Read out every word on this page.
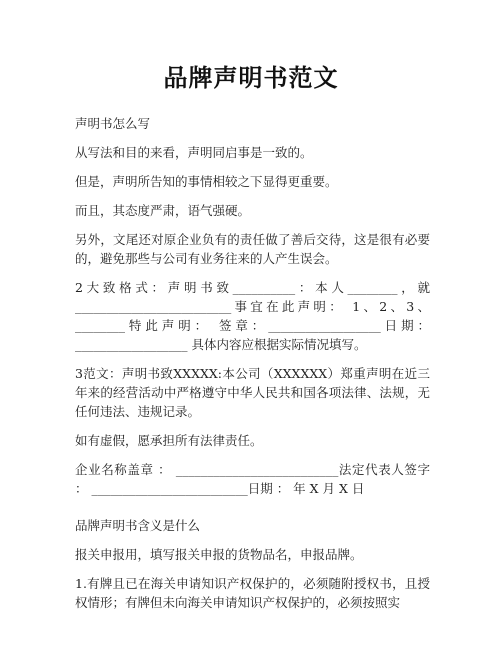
品牌声明书范文

声明书怎么写

从写法和目的来看，声明同启事是一致的。

但是，声明所告知的事情相较之下显得更重要。

而且，其态度严肃，语气强硬。

另外，文尾还对原企业负有的责任做了善后交待，这是很有必要的，避免那些与公司有业务往来的人产生误会。

2大致格式：声明书致__________：本人________，就_________________________事宜在此声明： 1、2、3、________特此声明： 签章：__________________日期：__________________ 具体内容应根据实际情况填写。

3范文：声明书致XXXXX:本公司（XXXXXX）郑重声明在近三年来的经营活动中严格遵守中华人民共和国各项法律、法规，无任何违法、违规记录。

如有虚假，愿承担所有法律责任。

企业名称盖章 ： __________________________法定代表人签字 ： _________________________日期 ： 年 X 月 X 日

品牌声明书含义是什么

报关申报用，填写报关申报的货物品名，申报品牌。

1.有牌且已在海关申请知识产权保护的，必须随附授权书，且授权情形；有牌但未向海关申请知识产权保护的，必须按照实
